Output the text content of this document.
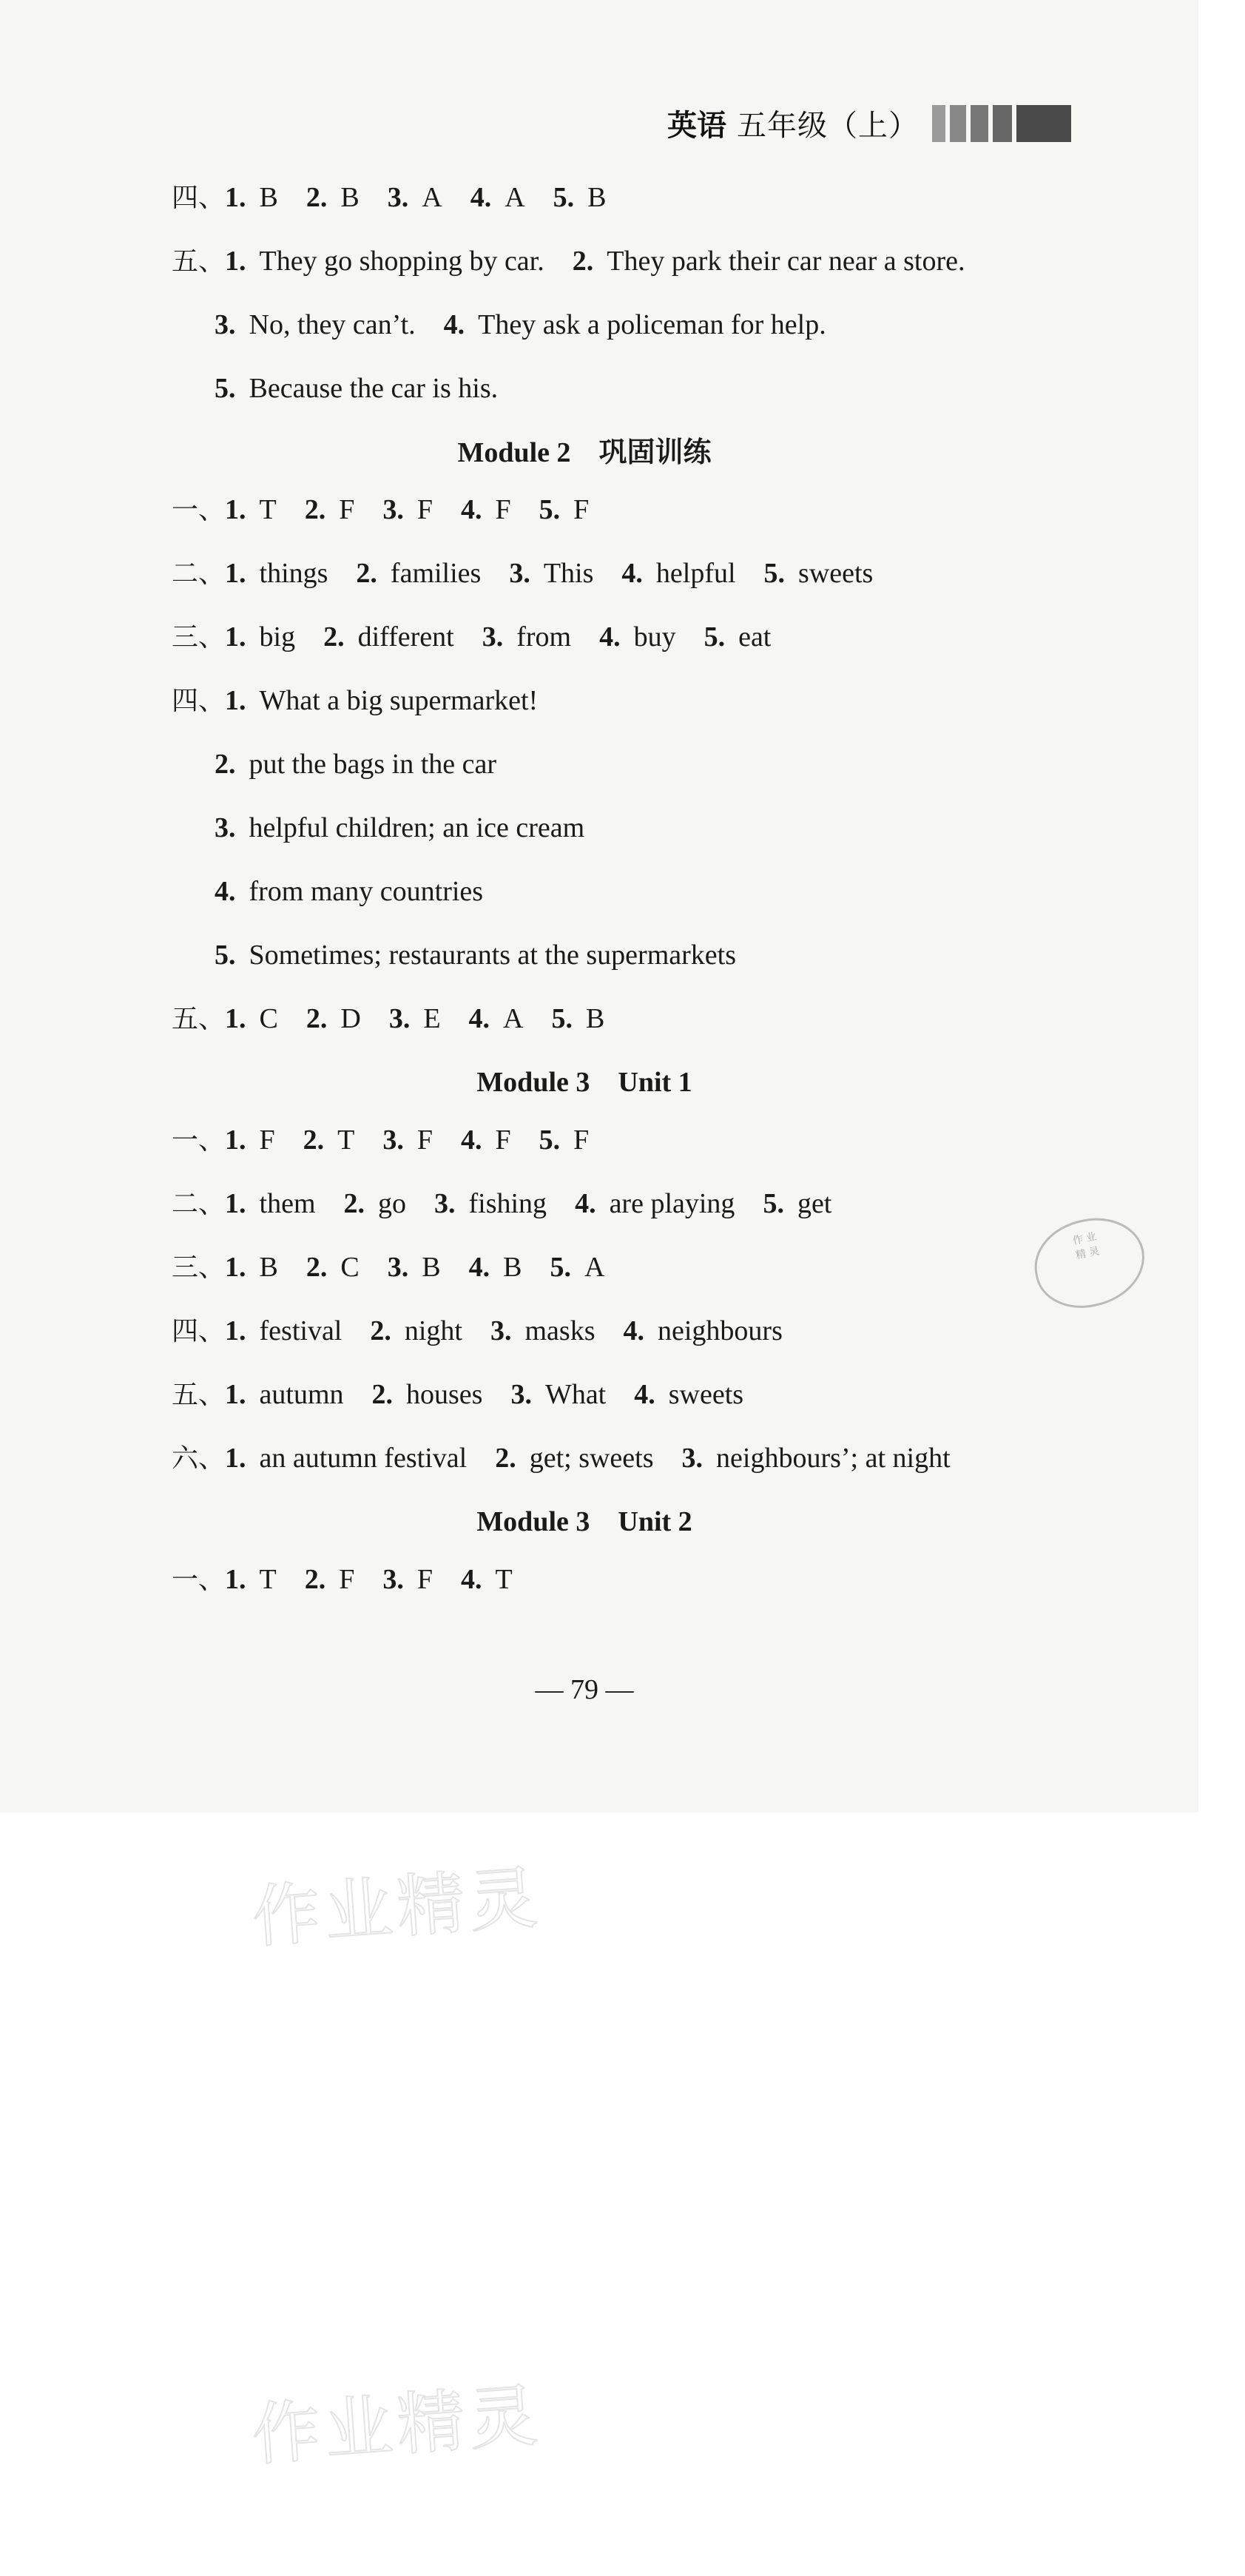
英语 五年级（上）
四、1. B 2. B 3. A 4. A 5. B
五、1. They go shopping by car. 2. They park their car near a store.
3. No, they can’t. 4. They ask a policeman for help.
5. Because the car is his.
Module 2 巩固训练
一、1. T 2. F 3. F 4. F 5. F
二、1. things 2. families 3. This 4. helpful 5. sweets
三、1. big 2. different 3. from 4. buy 5. eat
四、1. What a big supermarket!
2. put the bags in the car
3. helpful children; an ice cream
4. from many countries
5. Sometimes; restaurants at the supermarkets
五、1. C 2. D 3. E 4. A 5. B
Module 3 Unit 1
一、1. F 2. T 3. F 4. F 5. F
二、1. them 2. go 3. fishing 4. are playing 5. get
三、1. B 2. C 3. B 4. B 5. A
四、1. festival 2. night 3. masks 4. neighbours
五、1. autumn 2. houses 3. What 4. sweets
六、1. an autumn festival 2. get; sweets 3. neighbours’; at night
Module 3 Unit 2
一、1. T 2. F 3. F 4. T
作 业
精 灵
— 79 —
作业精灵
作业精灵
